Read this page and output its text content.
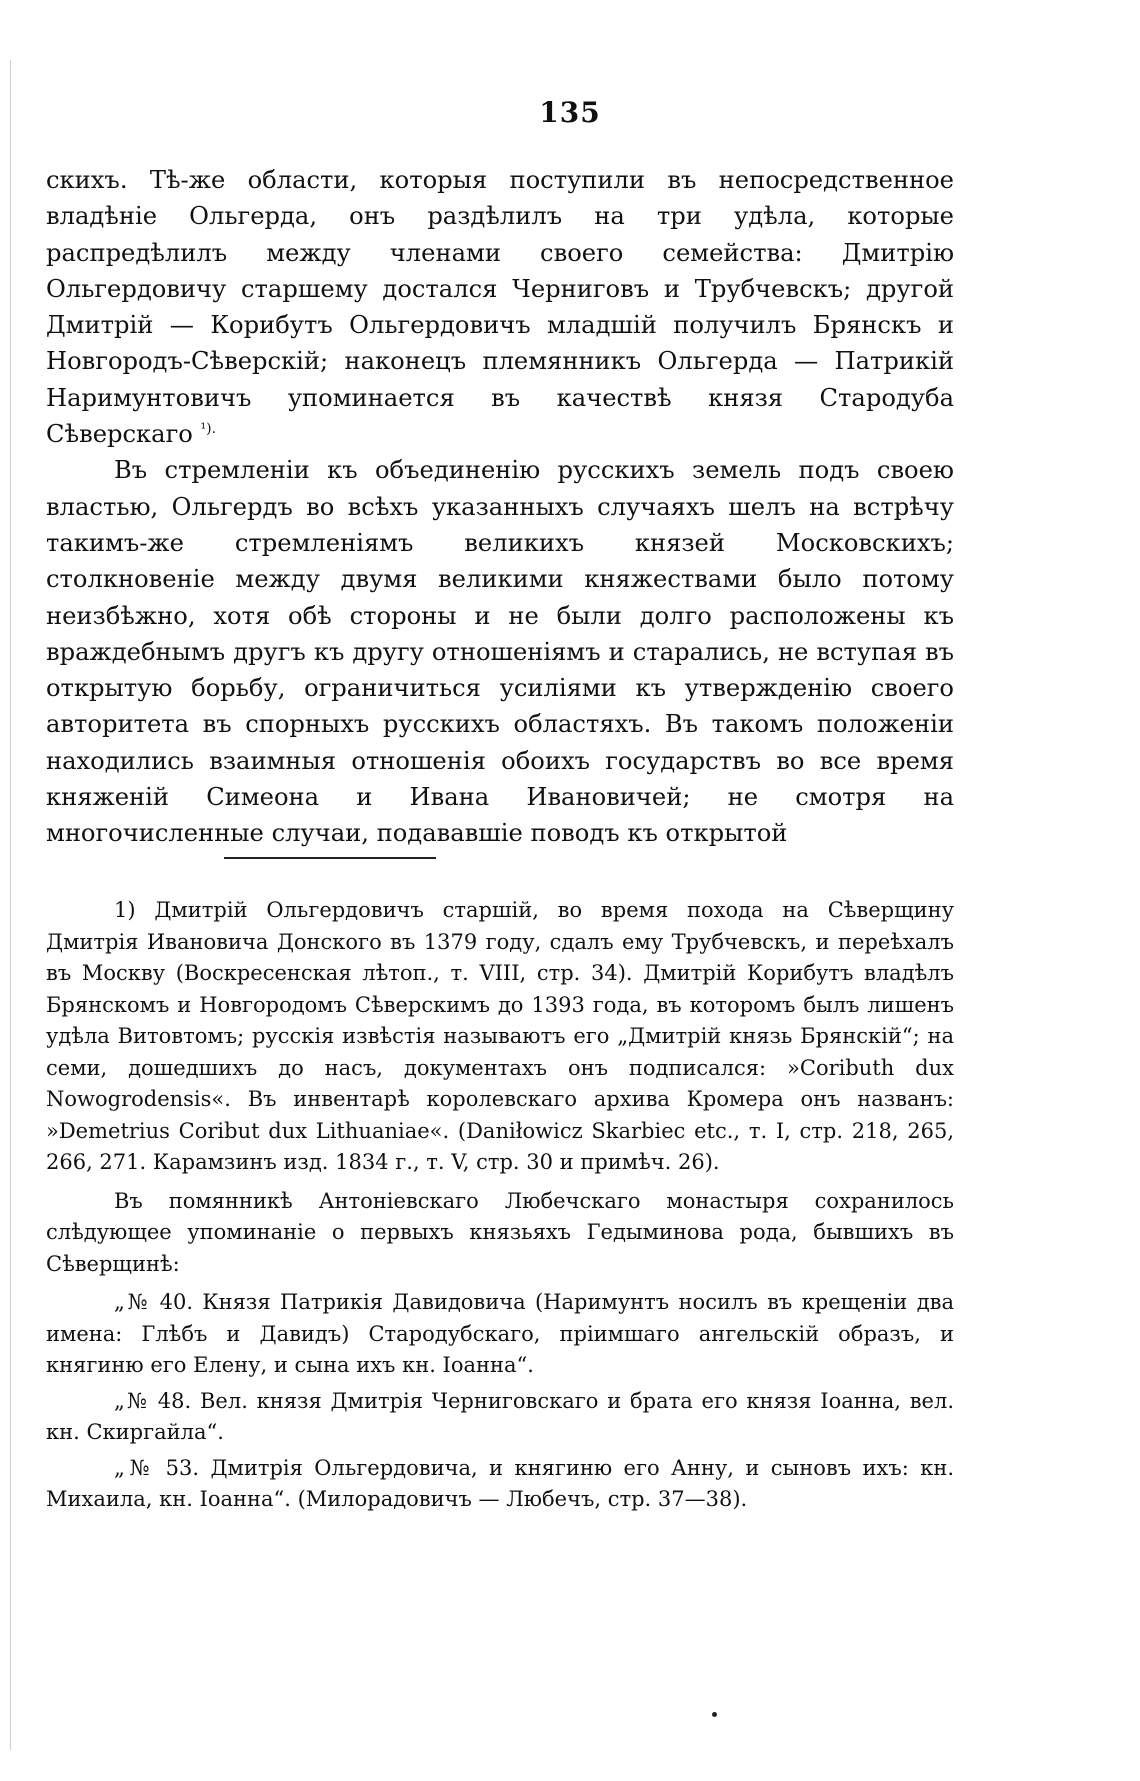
135

скихъ. Тѣ-же области, которыя поступили въ непосредственное владѣніе Ольгерда, онъ раздѣлилъ на три удѣла, которые распредѣлилъ между членами своего семейства: Дмитрію Ольгердовичу старшему достался Черниговъ и Трубчевскъ; другой Дмитрій — Корибутъ Ольгердовичъ младшій получилъ Брянскъ и Новгородъ-Сѣверскій; наконецъ племянникъ Ольгерда — Патрикій Наримунтовичъ упоминается въ качествѣ князя Стародуба Сѣверскаго $^{^1).}$

Въ стремленіи къ объединенію русскихъ земель подъ своею властью, Ольгердъ во всѣхъ указанныхъ случаяхъ шелъ на встрѣчу такимъ-же стремленіямъ великихъ князей Московскихъ; столкновеніе между двумя великими княжествами было потому неизбѣжно, хотя обѣ стороны и не были долго расположены къ враждебнымъ другъ къ другу отношеніямъ и старались, не вступая въ открытую борьбу, ограничиться усиліями къ утвержденію своего авторитета въ спорныхъ русскихъ областяхъ. Въ такомъ положеніи находились взаимныя отношенія обоихъ государствъ во все время княженій Симеона и Ивана Ивановичей; не смотря на многочисленные случаи, подававшіе поводъ къ открытой

1) Дмитрій Ольгердовичъ старшій, во время похода на Сѣверщину Дмитрія Ивановича Донского въ 1379 году, сдалъ ему Трубчевскъ, и переѣхалъ въ Москву (Воскресенская лѣтоп., т. VIII, стр. 34). Дмитрій Корибутъ владѣлъ Брянскомъ и Новгородомъ Сѣверскимъ до 1393 года, въ которомъ былъ лишенъ удѣла Витовтомъ; русскія извѣстія называютъ его „Дмитрій князь Брянскій“; на семи, дошедшихъ до насъ, документахъ онъ подписался: »Coributh dux Nowogrodensis«. Въ инвентарѣ королевскаго архива Кромера онъ названъ: »Demetrius Coribut dux Lithuaniae«. (Daniłowicz Skarbiec etc., т. I, стр. 218, 265, 266, 271. Карамзинъ изд. 1834 г., т. V, стр. 30 и примѣч. 26).

Въ помянникѣ Антоніевскаго Любечскаго монастыря сохранилось слѣдующее упоминаніе о первыхъ князьяхъ Гедыминова рода, бывшихъ въ Сѣверщинѣ:

„№ 40. Князя Патрикія Давидовича (Наримунтъ носилъ въ крещеніи два имена: Глѣбъ и Давидъ) Стародубскаго, пріимшаго ангельскій образъ, и княгиню его Елену, и сына ихъ кн. Іоанна“.

„№ 48. Вел. князя Дмитрія Черниговскаго и брата его князя Іоанна, вел. кн. Скиргайла“.

„№ 53. Дмитрія Ольгердовича, и княгиню его Анну, и сыновъ ихъ: кн. Михаила, кн. Іоанна“. (Милорадовичъ — Любечъ, стр. 37—38).
